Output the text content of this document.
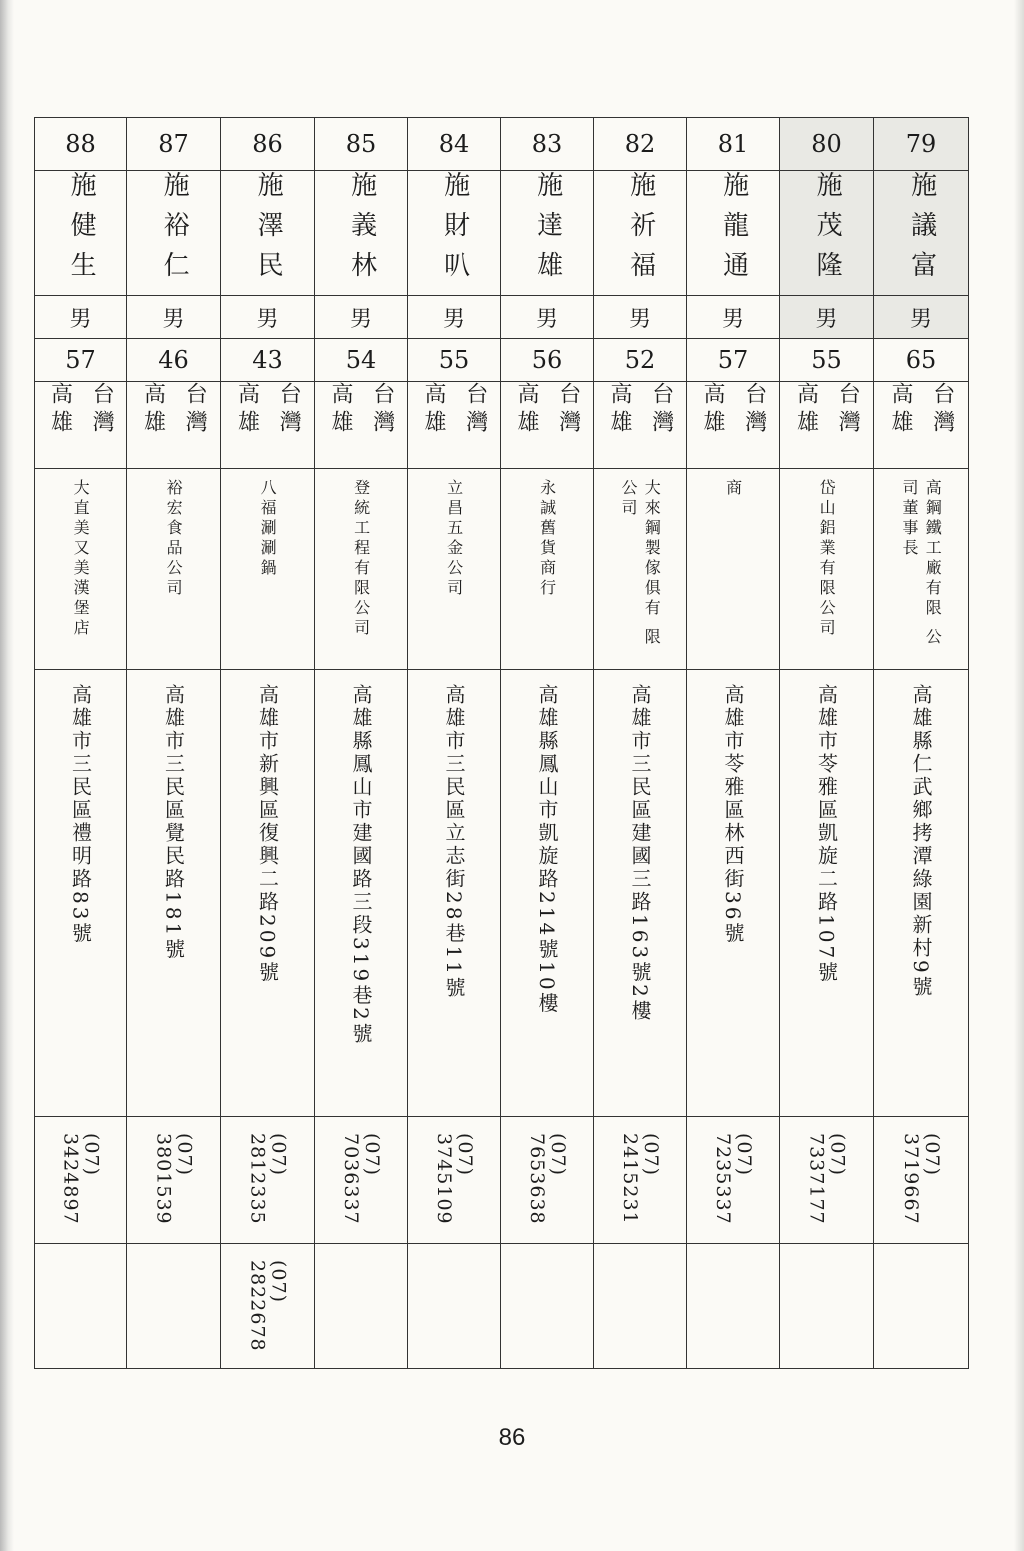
88	87	86	85	84	83	82	81	80	79
施健生	施裕仁	施澤民	施義林	施財叭	施達雄	施祈福	施龍通	施茂隆	施議富
男	男	男	男	男	男	男	男	男	男
57	46	43	54	55	56	52	57	55	65
台灣 高雄	台灣 高雄	台灣 高雄	台灣 高雄	台灣 高雄	台灣 高雄	台灣 高雄	台灣 高雄	台灣 高雄	台灣 高雄
大直美又美漢堡店	裕宏食品公司	八福涮涮鍋	登統工程有限公司	立昌五金公司	永誠舊貨商行	大來鋼製傢俱有 限公司	商	岱山鋁業有限公司	高鋼鐵工廠有限 公司董事長
高雄市三民區禮明路83號	高雄市三民區覺民路181號	高雄市新興區復興二路209號	高雄縣鳳山市建國路三段319巷2號	高雄市三民區立志街28巷11號	高雄縣鳳山市凱旋路214號10樓	高雄市三民區建國三路163號2樓	高雄市苓雅區林西街36號	高雄市苓雅區凱旋二路107號	高雄縣仁武鄉拷潭綠園新村9號
(07) 3424897	(07) 3801539	(07) 2812335	(07) 7036337	(07) 3745109	(07) 7653638	(07) 2415231	(07) 7235337	(07) 7337177	(07) 3719667
		(07) 2822678							
86
